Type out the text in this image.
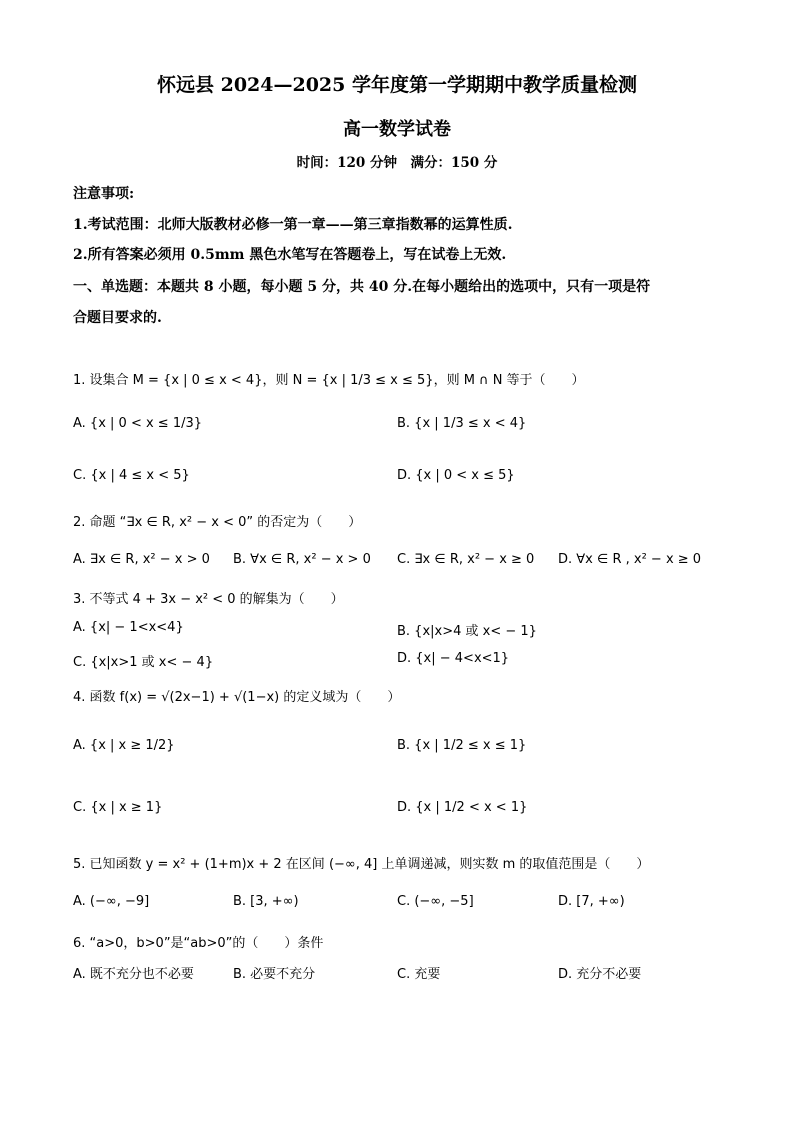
怀远县 2024—2025 学年度第一学期期中教学质量检测
高一数学试卷
时间：120 分钟　满分：150 分
注意事项:
1.考试范围：北师大版教材必修一第一章——第三章指数幂的运算性质.
2.所有答案必须用 0.5mm 黑色水笔写在答题卷上，写在试卷上无效.
一、单选题：本题共 8 小题，每小题 5 分，共 40 分.在每小题给出的选项中，只有一项是符
合题目要求的.
1. 设集合 M = {x | 0 ≤ x < 4}，则 N = {x | 1/3 ≤ x ≤ 5}，则 M ∩ N 等于（　　）
A. {x | 0 < x ≤ 1/3}	B. {x | 1/3 ≤ x < 4}
C. {x | 4 ≤ x < 5}	D. {x | 0 < x ≤ 5}
2. 命题 “∃x ∈ R, x² − x < 0” 的否定为（　　）
A. ∃x ∈ R, x² − x > 0 B. ∀x ∈ R, x² − x > 0 C. ∃x ∈ R, x² − x ≥ 0 D. ∀x ∈ R , x² − x ≥ 0
3. 不等式 4 + 3x − x² < 0 的解集为（　　）
A. {x| − 1<x<4}	B. {x|x>4 或 x< − 1}
C. {x|x>1 或 x< − 4}	D. {x| − 4<x<1}
4. 函数 f(x) = √(2x−1) + √(1−x) 的定义域为（　　）
A. {x | x ≥ 1/2}	B. {x | 1/2 ≤ x ≤ 1}
C. {x | x ≥ 1}	D. {x | 1/2 < x < 1}
5. 已知函数 y = x² + (1+m)x + 2 在区间 (−∞, 4] 上单调递减，则实数 m 的取值范围是（　　）
A. (−∞, −9]	B. [3, +∞)	C. (−∞, −5]	D. [7, +∞)
6. “a>0，b>0”是“ab>0”的（　　）条件
A. 既不充分也不必要	B. 必要不充分	C. 充要	D. 充分不必要
